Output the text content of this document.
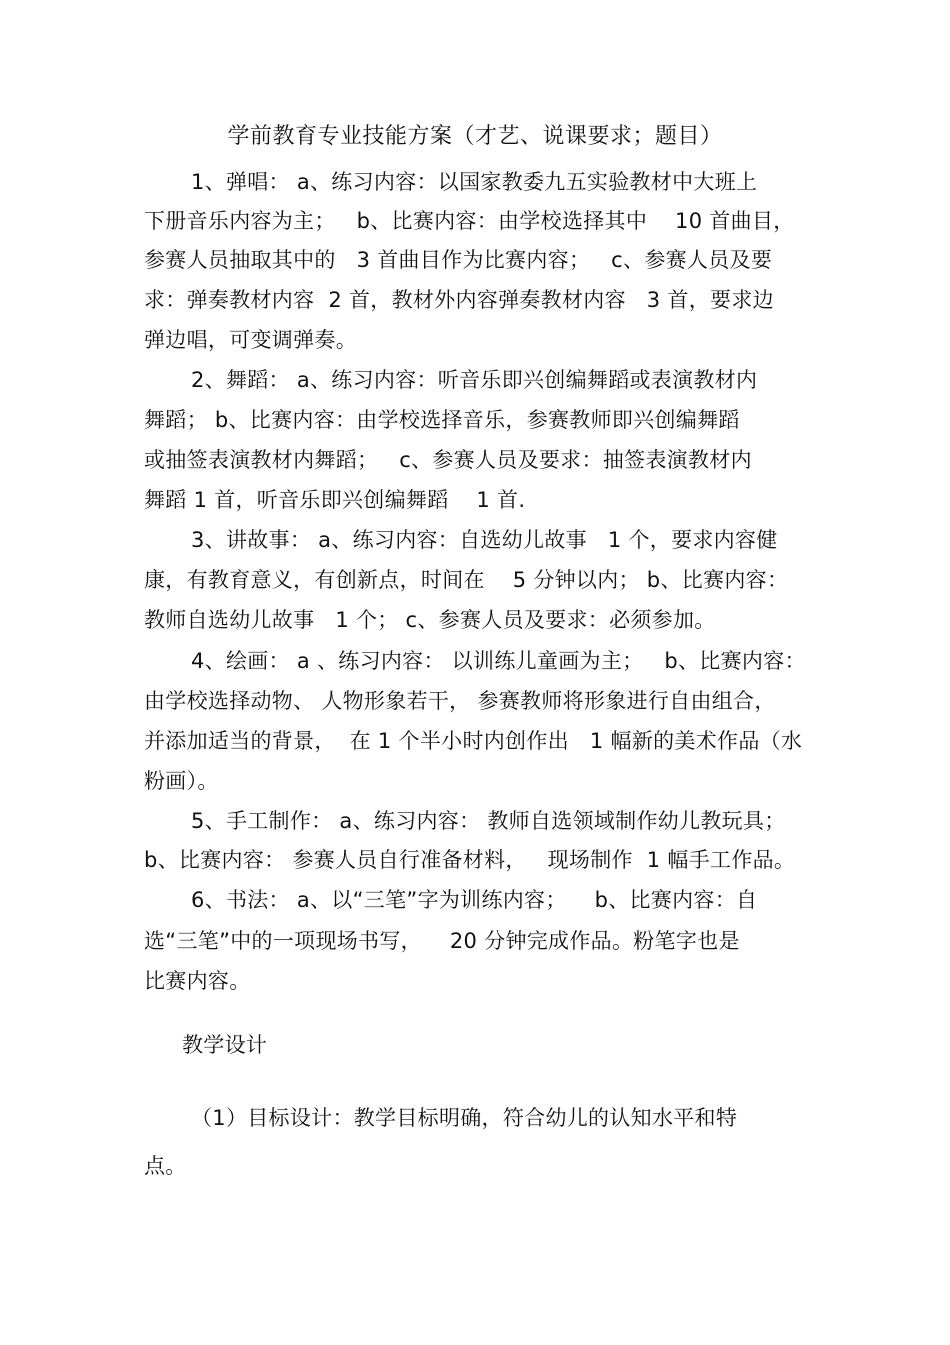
学前教育专业技能方案（才艺、说课要求；题目）
1、弹唱： a、练习内容：以国家教委九五实验教材中大班上
下册音乐内容为主；   b、比赛内容：由学校选择其中    10 首曲目，
参赛人员抽取其中的   3 首曲目作为比赛内容；   c、参赛人员及要
求：弹奏教材内容  2 首，教材外内容弹奏教材内容   3 首，要求边
弹边唱，可变调弹奏。
2、舞蹈： a、练习内容：听音乐即兴创编舞蹈或表演教材内
舞蹈； b、比赛内容：由学校选择音乐，参赛教师即兴创编舞蹈
或抽签表演教材内舞蹈；   c、参赛人员及要求：抽签表演教材内
舞蹈 1 首，听音乐即兴创编舞蹈    1 首.
3、讲故事： a、练习内容：自选幼儿故事   1 个，要求内容健
康，有教育意义，有创新点，时间在    5 分钟以内； b、比赛内容：
教师自选幼儿故事   1 个； c、参赛人员及要求：必须参加。
4、绘画： a 、练习内容： 以训练儿童画为主；   b、比赛内容：
由学校选择动物、 人物形象若干， 参赛教师将形象进行自由组合，
并添加适当的背景，  在 1 个半小时内创作出   1 幅新的美术作品（水
粉画）。
5、手工制作： a、练习内容： 教师自选领域制作幼儿教玩具；
b、比赛内容： 参赛人员自行准备材料，   现场制作  1 幅手工作品。
6、书法： a、以“三笔”字为训练内容；    b、比赛内容：自
选“三笔”中的一项现场书写，    20 分钟完成作品。粉笔字也是
比赛内容。
教学设计
（1）目标设计：教学目标明确，符合幼儿的认知水平和特
点。
